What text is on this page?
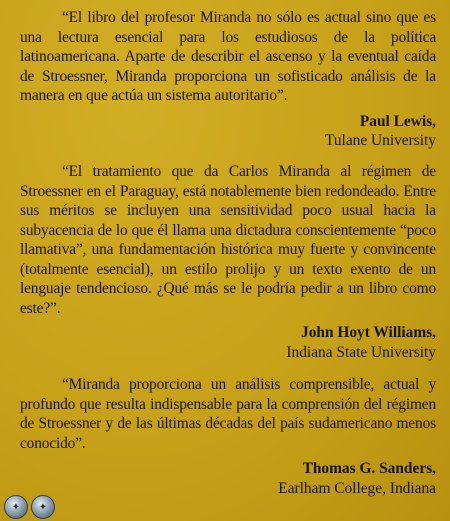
“El libro del profesor Miranda no sólo es actual sino que es una lectura esencial para los estudiosos de la política latinoamericana. Aparte de describir el ascenso y la eventual caída de Stroessner, Miranda proporciona un sofisticado análisis de la manera en que actúa un sistema autoritario”.

Paul Lewis,
Tulane University

“El tratamiento que da Carlos Miranda al régimen de Stroessner en el Paraguay, está notablemente bien redondeado. Entre sus méritos se incluyen una sensitividad poco usual hacia la subyacencia de lo que él llama una dictadura conscientemente “poco llamativa”, una fundamentación histórica muy fuerte y convincente (totalmente esencial), un estilo prolijo y un texto exento de un lenguaje tendencioso. ¿Qué más se le podría pedir a un libro como este?”.

John Hoyt Williams,
Indiana State University

“Miranda proporciona un análisis comprensible, actual y profundo que resulta indispensable para la comprensión del régimen de Stroessner y de las últimas décadas del país sudamericano menos conocido”.

Thomas G. Sanders,
Earlham College, Indiana
✦	✦
